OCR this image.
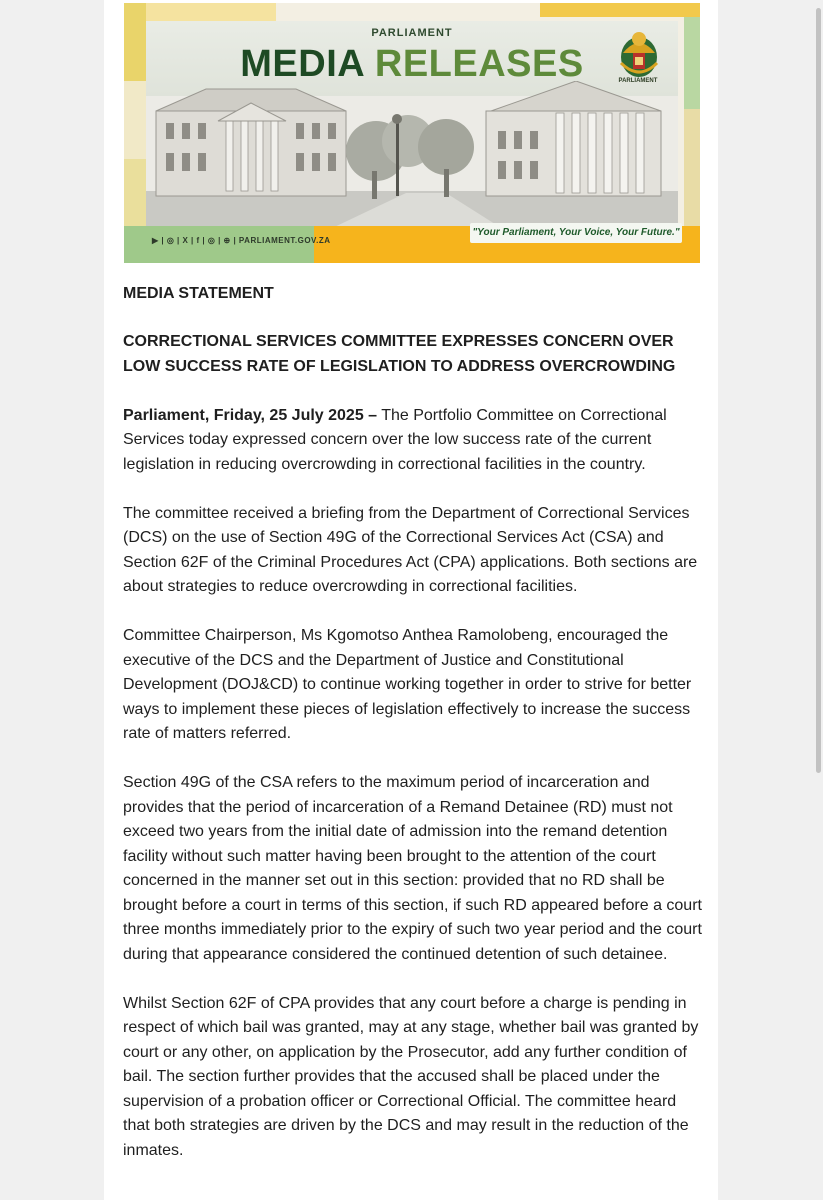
PARLIAMENT
MEDIA RELEASES	PARLIAMENT
▶ | ◎ | X | f | ◎ | ⊕ | PARLIAMENT.GOV.ZA
"Your Parliament, Your Voice, Your Future."

MEDIA STATEMENT

CORRECTIONAL SERVICES COMMITTEE EXPRESSES CONCERN OVER LOW SUCCESS RATE OF LEGISLATION TO ADDRESS OVERCROWDING

Parliament, Friday, 25 July 2025 – The Portfolio Committee on Correctional Services today expressed concern over the low success rate of the current legislation in reducing overcrowding in correctional facilities in the country.

The committee received a briefing from the Department of Correctional Services (DCS) on the use of Section 49G of the Correctional Services Act (CSA) and Section 62F of the Criminal Procedures Act (CPA) applications. Both sections are about strategies to reduce overcrowding in correctional facilities.

Committee Chairperson, Ms Kgomotso Anthea Ramolobeng, encouraged the executive of the DCS and the Department of Justice and Constitutional Development (DOJ&CD) to continue working together in order to strive for better ways to implement these pieces of legislation effectively to increase the success rate of matters referred.

Section 49G of the CSA refers to the maximum period of incarceration and provides that the period of incarceration of a Remand Detainee (RD) must not exceed two years from the initial date of admission into the remand detention facility without such matter having been brought to the attention of the court concerned in the manner set out in this section: provided that no RD shall be brought before a court in terms of this section, if such RD appeared before a court three months immediately prior to the expiry of such two year period and the court during that appearance considered the continued detention of such detainee.

Whilst Section 62F of CPA provides that any court before a charge is pending in respect of which bail was granted, may at any stage, whether bail was granted by court or any other, on application by the Prosecutor, add any further condition of bail. The section further provides that the accused shall be placed under the supervision of a probation officer or Correctional Official. The committee heard that both strategies are driven by the DCS and may result in the reduction of the inmates.
